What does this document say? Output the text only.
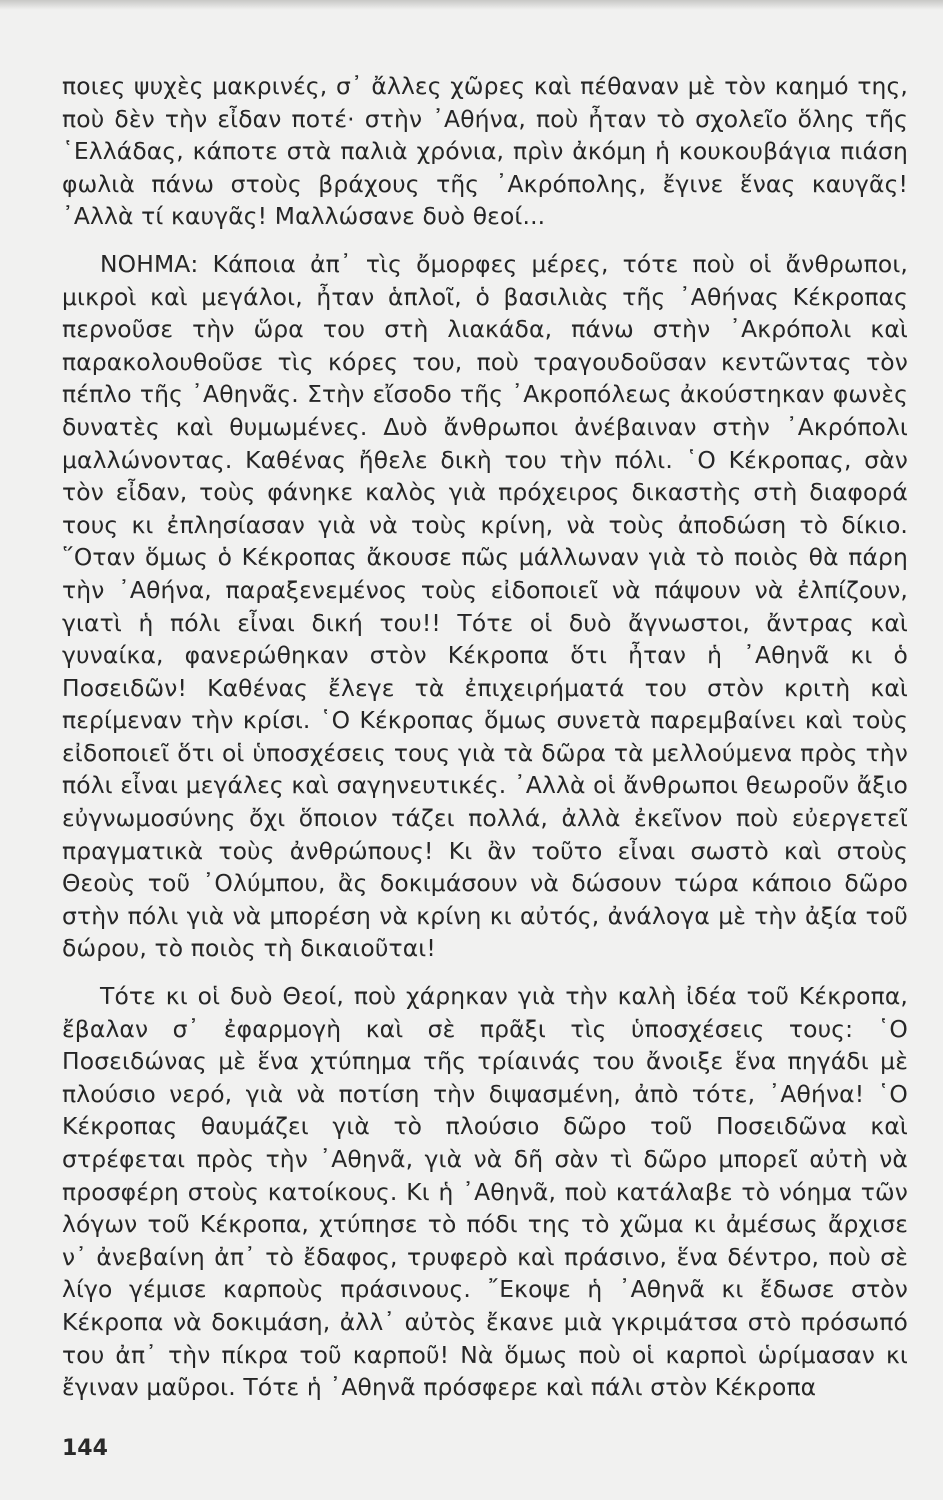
ποιες ψυχὲς μακρινές, σ᾽ ἄλλες χῶρες καὶ πέθαναν μὲ τὸν καημό της, ποὺ δὲν τὴν εἶδαν ποτέ· στὴν ᾽Αθήνα, ποὺ ἦταν τὸ σχολεῖο ὅλης τῆς ῾Ελλάδας, κάποτε στὰ παλιὰ χρόνια, πρὶν ἀκόμη ἡ κουκουβάγια πιάση φωλιὰ πάνω στοὺς βράχους τῆς ᾽Ακρόπολης, ἔγινε ἕνας καυγᾶς! ᾽Αλλὰ τί καυγᾶς! Μαλλώσανε δυὸ θεοί...

ΝΟΗΜΑ: Κάποια ἀπ᾽ τὶς ὄμορφες μέρες, τότε ποὺ οἱ ἄνθρωποι, μικροὶ καὶ μεγάλοι, ἦταν ἁπλοῖ, ὁ βασιλιὰς τῆς ᾽Αθήνας Κέκροπας περνοῦσε τὴν ὥρα του στὴ λιακάδα, πάνω στὴν ᾽Ακρόπολι καὶ παρακολουθοῦσε τὶς κόρες του, ποὺ τραγουδοῦσαν κεντῶντας τὸν πέπλο τῆς ᾽Αθηνᾶς. Στὴν εἴσοδο τῆς ᾽Ακροπόλεως ἀκούστηκαν φωνὲς δυνατὲς καὶ θυμωμένες. Δυὸ ἄνθρωποι ἀνέβαιναν στὴν ᾽Ακρόπολι μαλλώνοντας. Καθένας ἤθελε δικὴ του τὴν πόλι. ῾Ο Κέκροπας, σὰν τὸν εἶδαν, τοὺς φάνηκε καλὸς γιὰ πρόχειρος δικαστὴς στὴ διαφορά τους κι ἐπλησίασαν γιὰ νὰ τοὺς κρίνη, νὰ τοὺς ἀποδώση τὸ δίκιο. ῞Οταν ὅμως ὁ Κέκροπας ἄκουσε πῶς μάλλωναν γιὰ τὸ ποιὸς θὰ πάρη τὴν ᾽Αθήνα, παραξενεμένος τοὺς εἰδοποιεῖ νὰ πάψουν νὰ ἐλπίζουν, γιατὶ ἡ πόλι εἶναι δική του!! Τότε οἱ δυὸ ἄγνωστοι, ἄντρας καὶ γυναίκα, φανερώθηκαν στὸν Κέκροπα ὅτι ἦταν ἡ ᾽Αθηνᾶ κι ὁ Ποσειδῶν! Καθένας ἔλεγε τὰ ἐπιχειρήματά του στὸν κριτὴ καὶ περίμεναν τὴν κρίσι. ῾Ο Κέκροπας ὅμως συνετὰ παρεμβαίνει καὶ τοὺς εἰδοποιεῖ ὅτι οἱ ὑποσχέσεις τους γιὰ τὰ δῶρα τὰ μελλούμενα πρὸς τὴν πόλι εἶναι μεγάλες καὶ σαγηνευτικές. ᾽Αλλὰ οἱ ἄνθρωποι θεωροῦν ἄξιο εὐγνωμοσύνης ὄχι ὅποιον τάζει πολλά, ἀλλὰ ἐκεῖνον ποὺ εὐεργετεῖ πραγματικὰ τοὺς ἀνθρώπους! Κι ἂν τοῦτο εἶναι σωστὸ καὶ στοὺς Θεοὺς τοῦ ᾽Ολύμπου, ἂς δοκιμάσουν νὰ δώσουν τώρα κάποιο δῶρο στὴν πόλι γιὰ νὰ μπορέση νὰ κρίνη κι αὐτός, ἀνάλογα μὲ τὴν ἀξία τοῦ δώρου, τὸ ποιὸς τὴ δικαιοῦται!

Τότε κι οἱ δυὸ Θεοί, ποὺ χάρηκαν γιὰ τὴν καλὴ ἰδέα τοῦ Κέκροπα, ἔβαλαν σ᾽ ἐφαρμογὴ καὶ σὲ πρᾶξι τὶς ὑποσχέσεις τους: ῾Ο Ποσειδώνας μὲ ἕνα χτύπημα τῆς τρίαινάς του ἄνοιξε ἕνα πηγάδι μὲ πλούσιο νερό, γιὰ νὰ ποτίση τὴν διψασμένη, ἀπὸ τότε, ᾽Αθήνα! ῾Ο Κέκροπας θαυμάζει γιὰ τὸ πλούσιο δῶρο τοῦ Ποσειδῶνα καὶ στρέφεται πρὸς τὴν ᾽Αθηνᾶ, γιὰ νὰ δῆ σὰν τὶ δῶρο μπορεῖ αὐτὴ νὰ προσφέρη στοὺς κατοίκους. Κι ἡ ᾽Αθηνᾶ, ποὺ κατάλαβε τὸ νόημα τῶν λόγων τοῦ Κέκροπα, χτύπησε τὸ πόδι της τὸ χῶμα κι ἀμέσως ἄρχισε ν᾽ ἀνεβαίνη ἀπ᾽ τὸ ἔδαφος, τρυφερὸ καὶ πράσινο, ἕνα δέντρο, ποὺ σὲ λίγο γέμισε καρποὺς πράσινους. ῎Εκοψε ἡ ᾽Αθηνᾶ κι ἔδωσε στὸν Κέκροπα νὰ δοκιμάση, ἀλλ᾽ αὐτὸς ἔκανε μιὰ γκριμάτσα στὸ πρόσωπό του ἀπ᾽ τὴν πίκρα τοῦ καρποῦ! Νὰ ὅμως ποὺ οἱ καρποὶ ὡρίμασαν κι ἔγιναν μαῦροι. Τότε ἡ ᾽Αθηνᾶ πρόσφερε καὶ πάλι στὸν Κέκροπα

144
